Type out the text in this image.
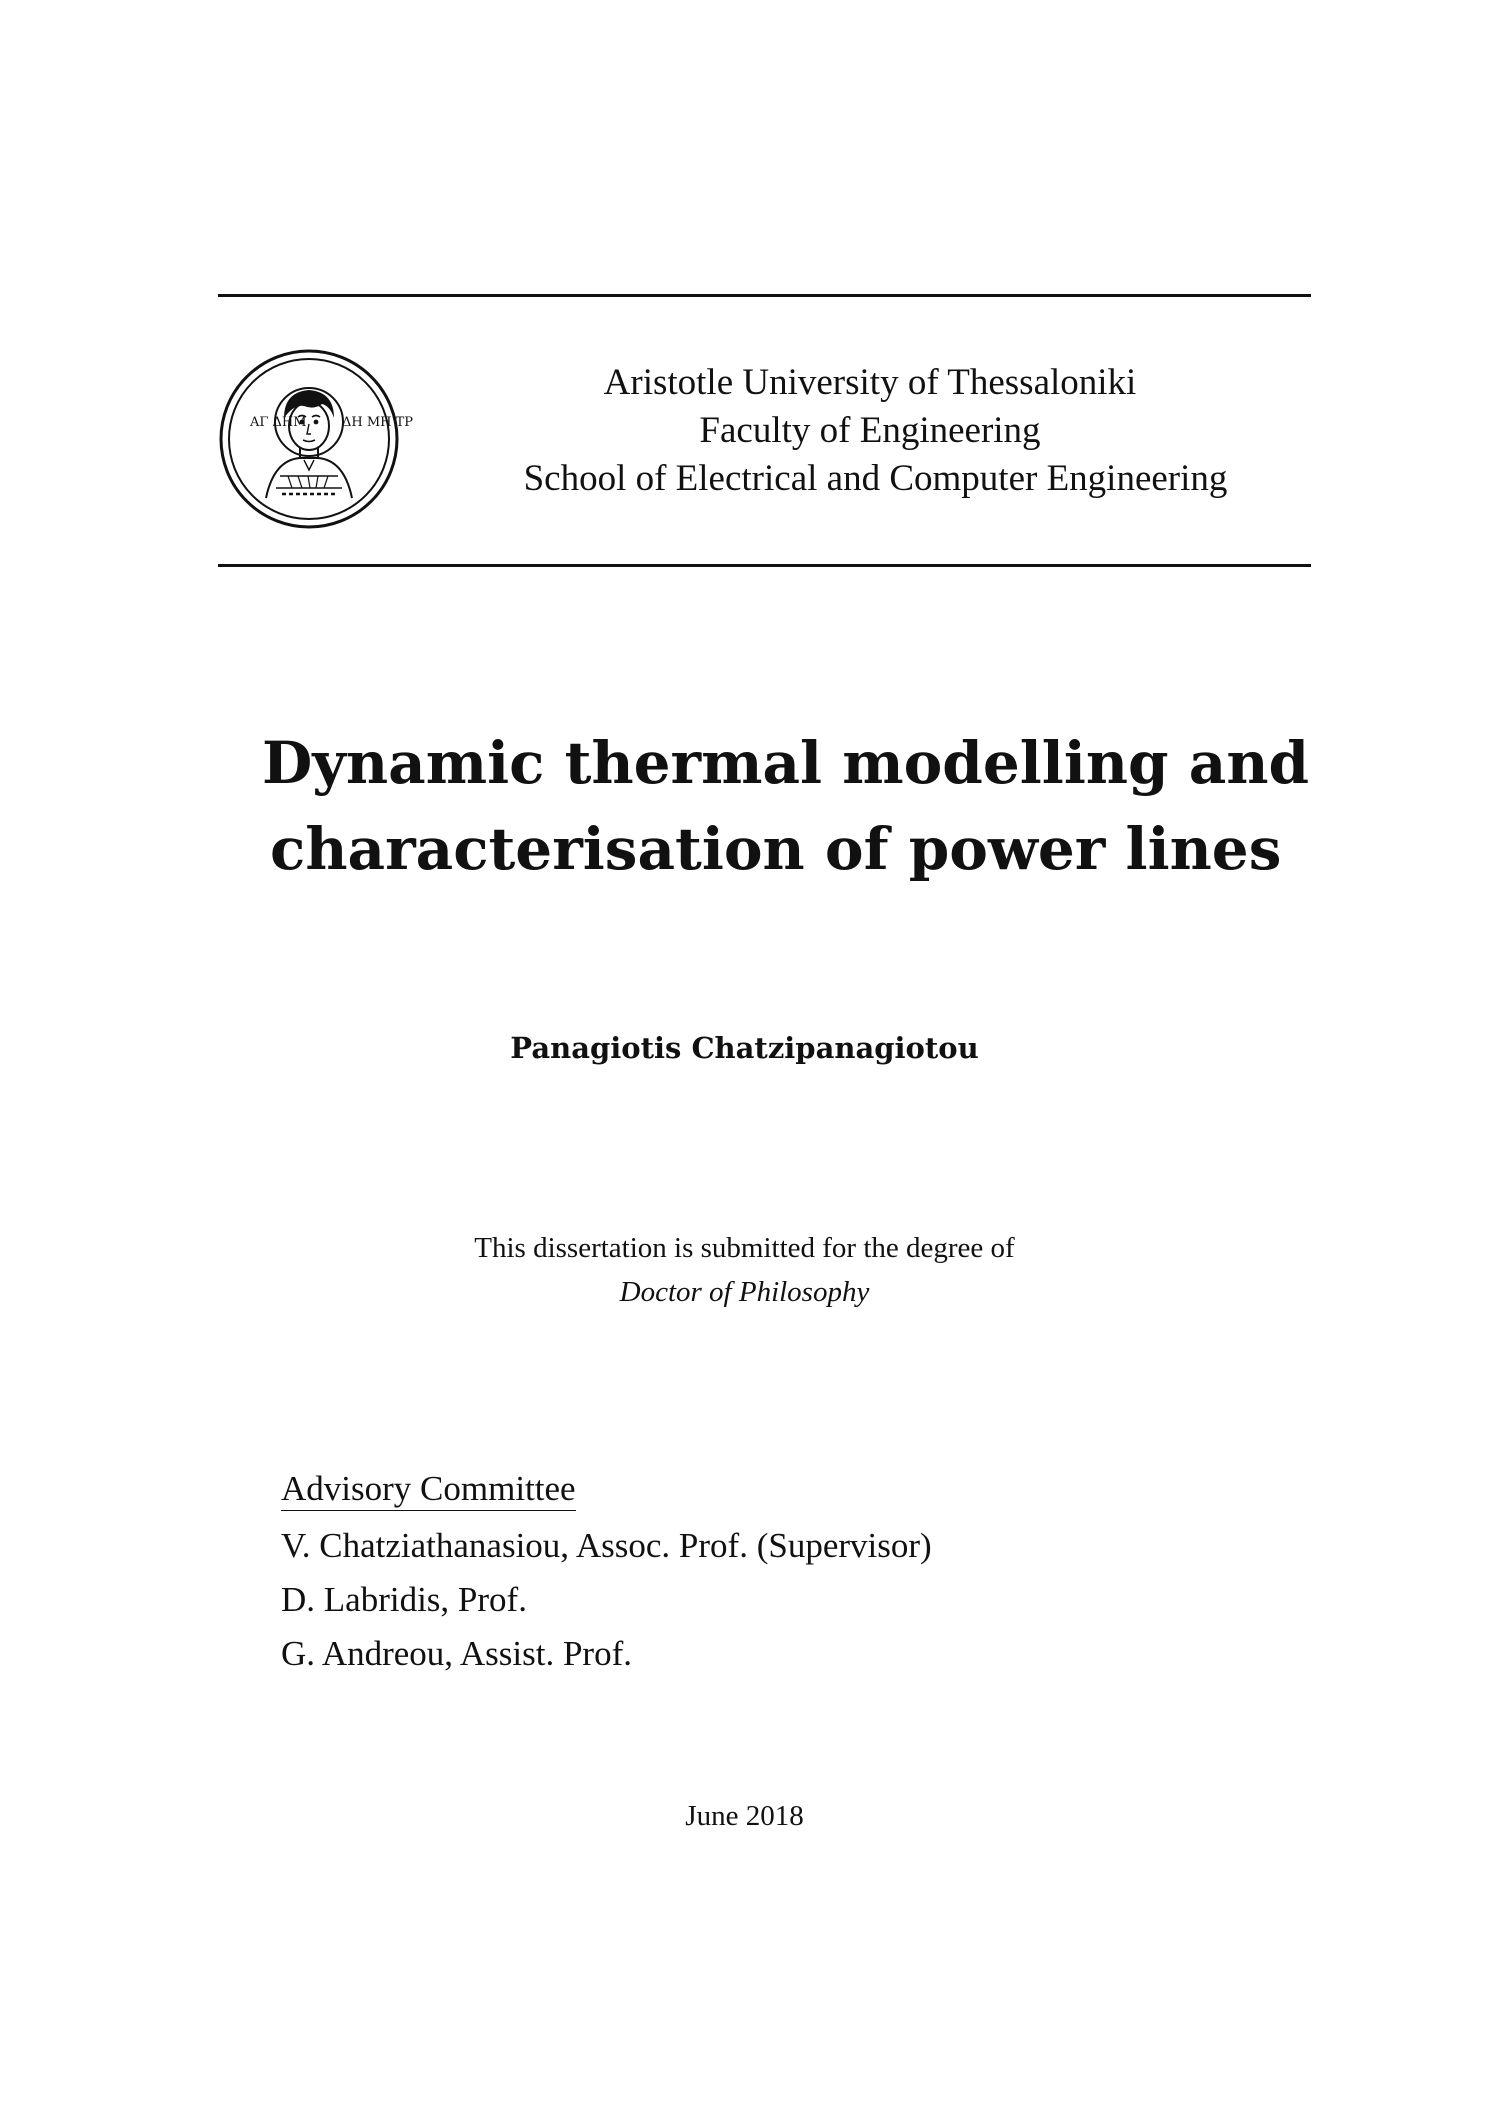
ΑΓ ΔΗΜ	ΔΗ ΜΗ ΤΡ
Aristotle University of Thessaloniki
Faculty of Engineering
School of Electrical and Computer Engineering
Dynamic thermal modelling and
characterisation of power lines
Panagiotis Chatzipanagiotou
This dissertation is submitted for the degree of
Doctor of Philosophy
Advisory Committee
V. Chatziathanasiou, Assoc. Prof. (Supervisor)
D. Labridis, Prof.
G. Andreou, Assist. Prof.
June 2018
